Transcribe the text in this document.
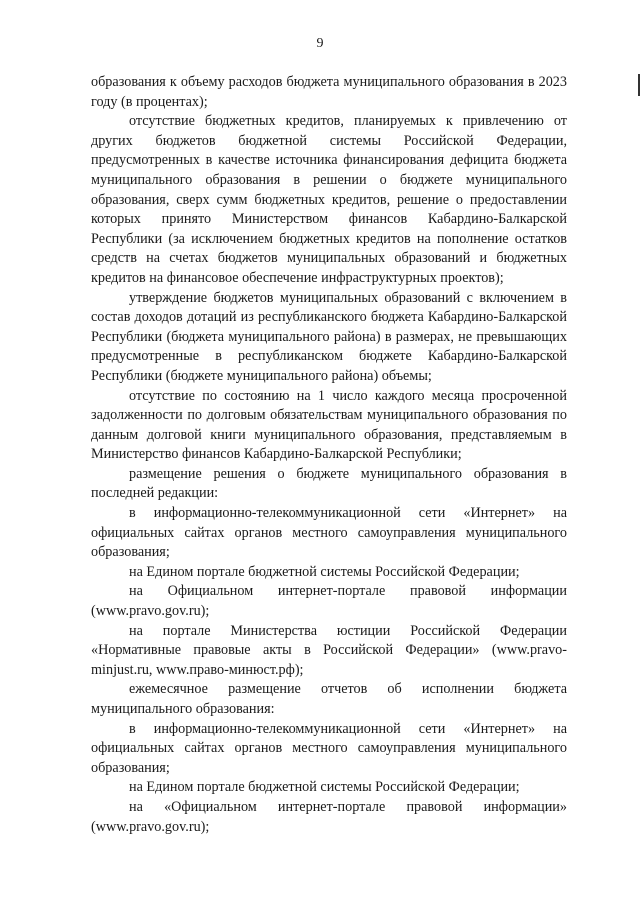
9

образования к объему расходов бюджета муниципального образования в 2023 году (в процентах);

отсутствие бюджетных кредитов, планируемых к привлечению от других бюджетов бюджетной системы Российской Федерации, предусмотренных в качестве источника финансирования дефицита бюджета муниципального образования в решении о бюджете муниципального образования, сверх сумм бюджетных кредитов, решение о предоставлении которых принято Министерством финансов Кабардино-Балкарской Республики (за исключением бюджетных кредитов на пополнение остатков средств на счетах бюджетов муниципальных образований и бюджетных кредитов на финансовое обеспечение инфраструктурных проектов);

утверждение бюджетов муниципальных образований с включением в состав доходов дотаций из республиканского бюджета Кабардино-Балкарской Республики (бюджета муниципального района) в размерах, не превышающих предусмотренные в республиканском бюджете Кабардино-Балкарской Республики (бюджете муниципального района) объемы;

отсутствие по состоянию на 1 число каждого месяца просроченной задолженности по долговым обязательствам муниципального образования по данным долговой книги муниципального образования, представляемым в Министерство финансов Кабардино-Балкарской Республики;

размещение решения о бюджете муниципального образования в последней редакции:

в информационно-телекоммуникационной сети «Интернет» на официальных сайтах органов местного самоуправления муниципального образования;

на Едином портале бюджетной системы Российской Федерации;

на Официальном интернет-портале правовой информации (www.pravo.gov.ru);

на портале Министерства юстиции Российской Федерации «Нормативные правовые акты в Российской Федерации» (www.pravo-minjust.ru, www.право-минюст.рф);

ежемесячное размещение отчетов об исполнении бюджета муниципального образования:

в информационно-телекоммуникационной сети «Интернет» на официальных сайтах органов местного самоуправления муниципального образования;

на Едином портале бюджетной системы Российской Федерации;

на «Официальном интернет-портале правовой информации» (www.pravo.gov.ru);
